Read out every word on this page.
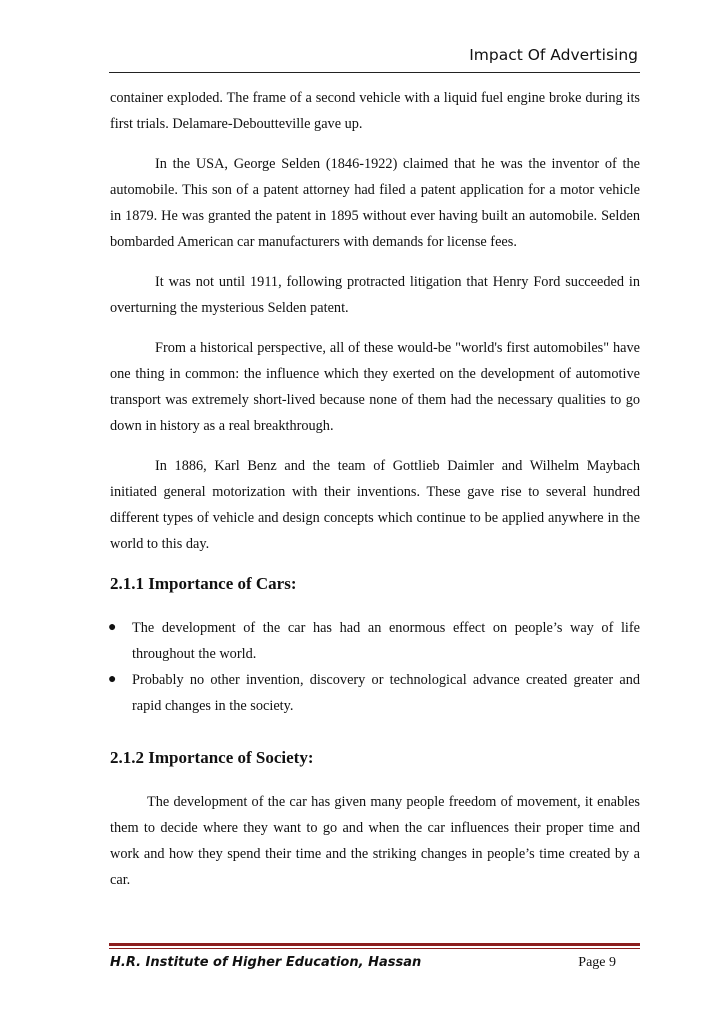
Impact Of Advertising

container exploded. The frame of a second vehicle with a liquid fuel engine broke during its first trials. Delamare-Deboutteville gave up.

In the USA, George Selden (1846-1922) claimed that he was the inventor of the automobile. This son of a patent attorney had filed a patent application for a motor vehicle in 1879. He was granted the patent in 1895 without ever having built an automobile. Selden bombarded American car manufacturers with demands for license fees.

It was not until 1911, following protracted litigation that Henry Ford succeeded in overturning the mysterious Selden patent.

From a historical perspective, all of these would-be "world's first automobiles" have one thing in common: the influence which they exerted on the development of automotive transport was extremely short-lived because none of them had the necessary qualities to go down in history as a real breakthrough.

In 1886, Karl Benz and the team of Gottlieb Daimler and Wilhelm Maybach initiated general motorization with their inventions. These gave rise to several hundred different types of vehicle and design concepts which continue to be applied anywhere in the world to this day.

2.1.1 Importance of Cars:
● The development of the car has had an enormous effect on people’s way of life throughout the world.
● Probably no other invention, discovery or technological advance created greater and rapid changes in the society.
2.1.2 Importance of Society:

The development of the car has given many people freedom of movement, it enables them to decide where they want to go and when the car influences their proper time and work and how they spend their time and the striking changes in people’s time created by a car.

H.R. Institute of Higher Education, Hassan	Page 9
